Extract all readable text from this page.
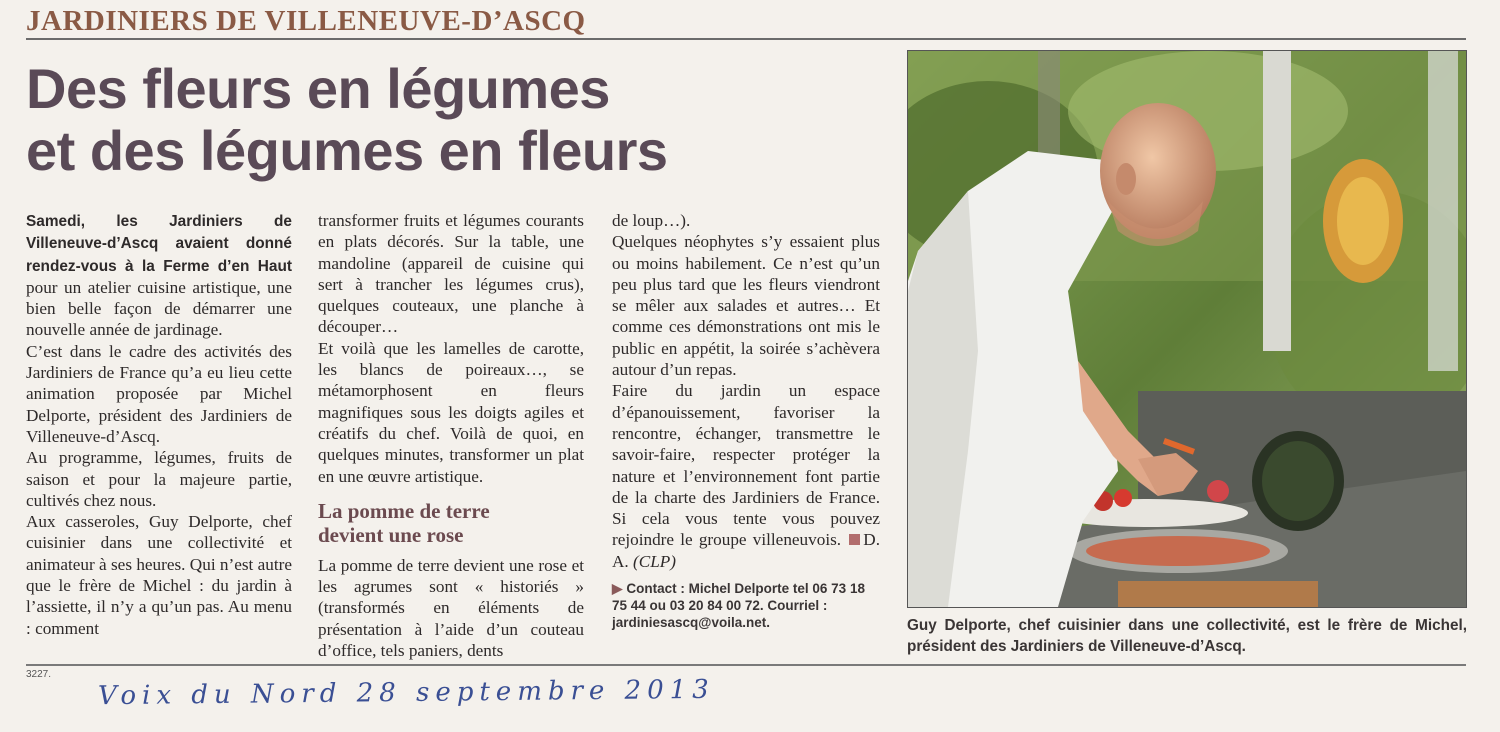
JARDINIERS DE VILLENEUVE-D’ASCQ
Des fleurs en légumes
et des légumes en fleurs

Samedi, les Jardiniers de Villeneuve-d’Ascq avaient donné rendez-vous à la Ferme d’en Haut pour un atelier cuisine artistique, une bien belle façon de démarrer une nouvelle année de jardinage.

C’est dans le cadre des activités des Jardiniers de France qu’a eu lieu cette animation proposée par Michel Delporte, président des Jardiniers de Villeneuve-d’Ascq.

Au programme, légumes, fruits de saison et pour la majeure partie, cultivés chez nous.

Aux casseroles, Guy Delporte, chef cuisinier dans une collectivité et animateur à ses heures. Qui n’est autre que le frère de Michel : du jardin à l’assiette, il n’y a qu’un pas. Au menu : comment

transformer fruits et légumes courants en plats décorés. Sur la table, une mandoline (appareil de cuisine qui sert à trancher les légumes crus), quelques couteaux, une planche à découper…

Et voilà que les lamelles de carotte, les blancs de poireaux…, se métamorphosent en fleurs magnifiques sous les doigts agiles et créatifs du chef. Voilà de quoi, en quelques minutes, transformer un plat en une œuvre artistique.

La pomme de terre
devient une rose

La pomme de terre devient une rose et les agrumes sont « historiés » (transformés en éléments de présentation à l’aide d’un couteau d’office, tels paniers, dents

de loup…).

Quelques néophytes s’y essaient plus ou moins habilement. Ce n’est qu’un peu plus tard que les fleurs viendront se mêler aux salades et autres… Et comme ces démonstrations ont mis le public en appétit, la soirée s’achèvera autour d’un repas.

Faire du jardin un espace d’épanouissement, favoriser la rencontre, échanger, transmettre le savoir-faire, respecter protéger la nature et l’environnement font partie de la charte des Jardiniers de France. Si cela vous tente vous pouvez rejoindre le groupe villeneuvois. D. A. (CLP)

▶ Contact : Michel Delporte tel 06 73 18 75 44 ou 03 20 84 00 72. Courriel : jardiniesascq@voila.net.	Guy Delporte, chef cuisinier dans une collectivité, est le frère de Michel, président des Jardiniers de Villeneuve-d’Ascq.
3227.
Voix du Nord 28 septembre 2013
